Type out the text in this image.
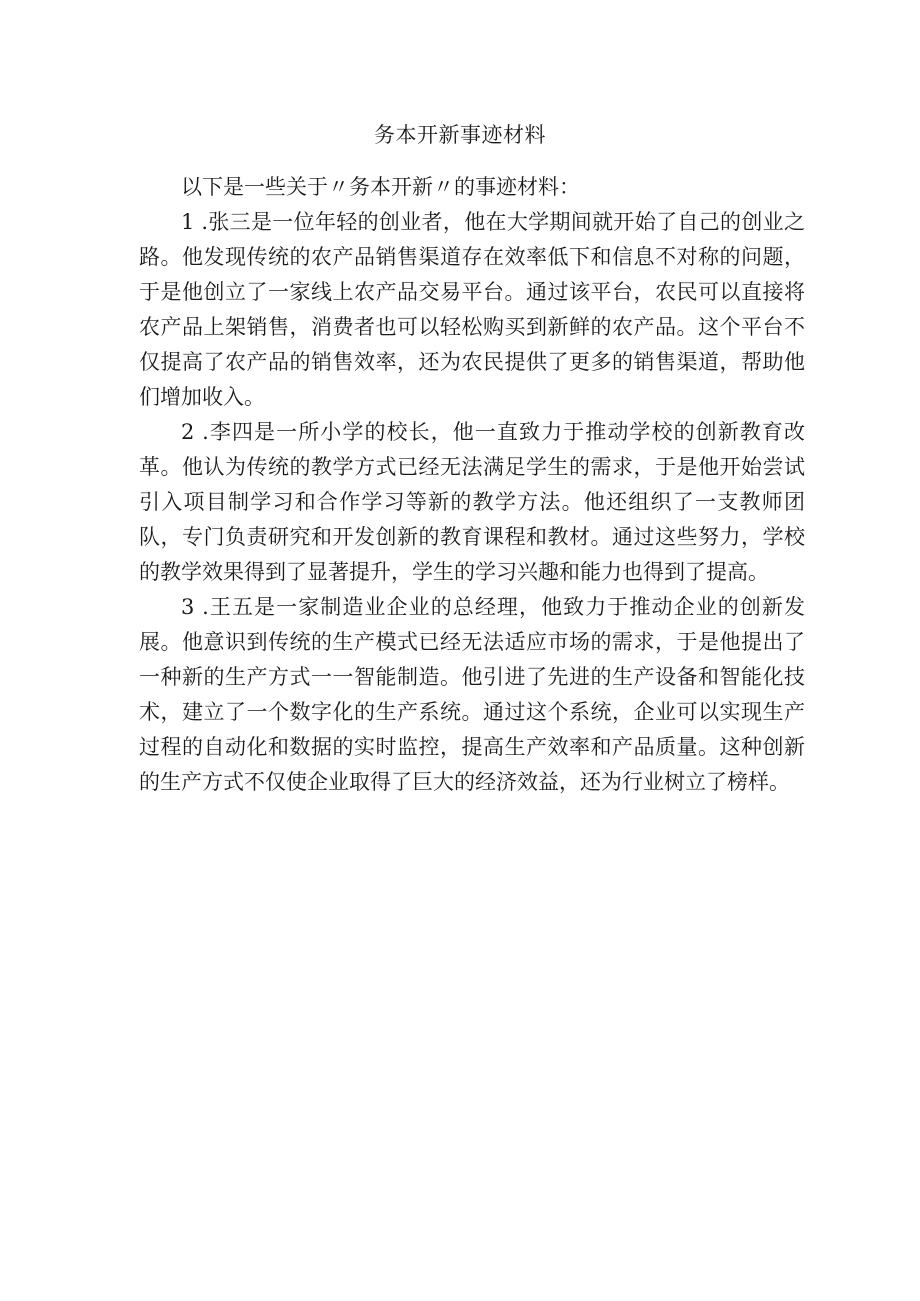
务本开新事迹材料

以下是一些关于〃务本开新〃的事迹材料：

1 .张三是一位年轻的创业者，他在大学期间就开始了自己的创业之路。他发现传统的农产品销售渠道存在效率低下和信息不对称的问题，于是他创立了一家线上农产品交易平台。通过该平台，农民可以直接将农产品上架销售，消费者也可以轻松购买到新鲜的农产品。这个平台不仅提高了农产品的销售效率，还为农民提供了更多的销售渠道，帮助他们增加收入。

2 .李四是一所小学的校长，他一直致力于推动学校的创新教育改革。他认为传统的教学方式已经无法满足学生的需求，于是他开始尝试引入项目制学习和合作学习等新的教学方法。他还组织了一支教师团队，专门负责研究和开发创新的教育课程和教材。通过这些努力，学校的教学效果得到了显著提升，学生的学习兴趣和能力也得到了提高。

3 .王五是一家制造业企业的总经理，他致力于推动企业的创新发展。他意识到传统的生产模式已经无法适应市场的需求，于是他提出了一种新的生产方式一一智能制造。他引进了先进的生产设备和智能化技术，建立了一个数字化的生产系统。通过这个系统，企业可以实现生产过程的自动化和数据的实时监控，提高生产效率和产品质量。这种创新的生产方式不仅使企业取得了巨大的经济效益，还为行业树立了榜样。
